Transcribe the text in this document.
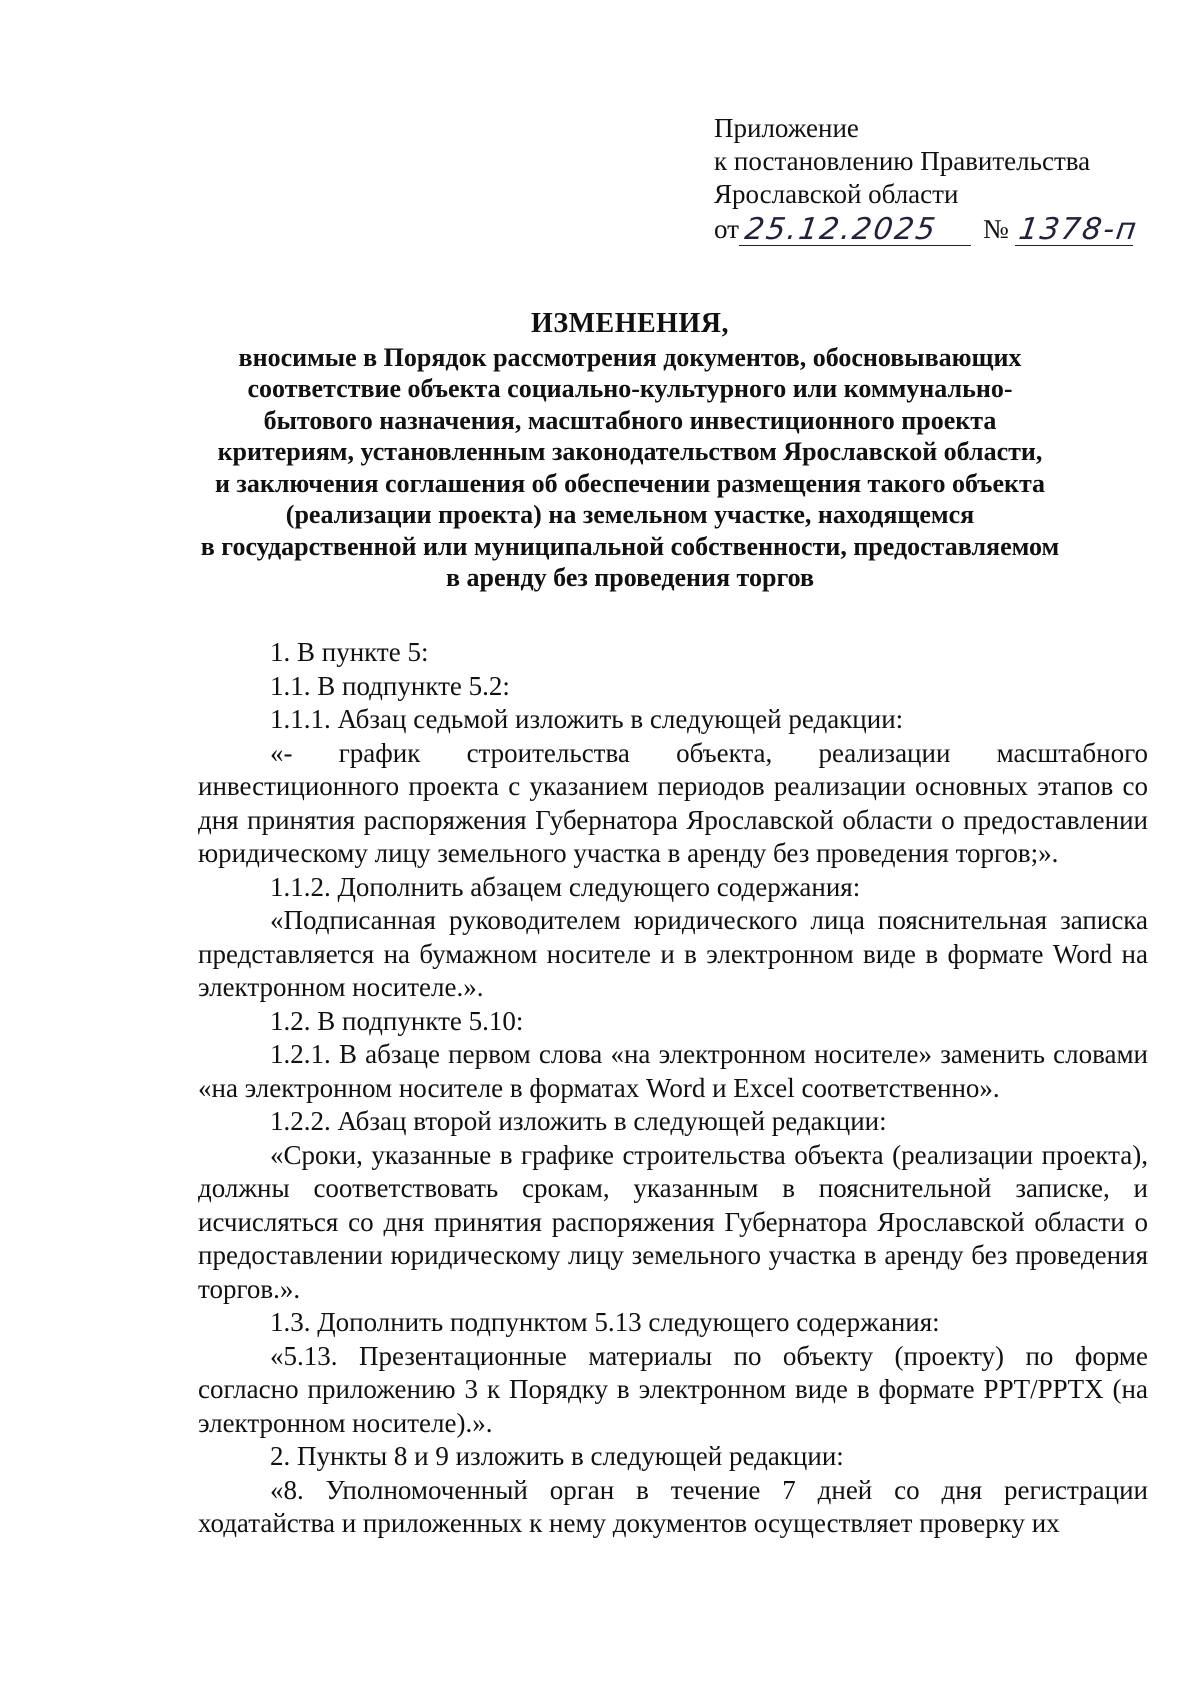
Приложение
к постановлению Правительства
Ярославской области
от 25.12.2025	№ 1378-п
ИЗМЕНЕНИЯ,
вносимые в Порядок рассмотрения документов, обосновывающих
соответствие объекта социально-культурного или коммунально-
бытового назначения, масштабного инвестиционного проекта
критериям, установленным законодательством Ярославской области,
и заключения соглашения об обеспечении размещения такого объекта
(реализации проекта) на земельном участке, находящемся
в государственной или муниципальной собственности, предоставляемом
в аренду без проведения торгов

1. В пункте 5:

1.1. В подпункте 5.2:

1.1.1. Абзац седьмой изложить в следующей редакции:

«- график строительства объекта, реализации масштабного инвестиционного проекта с указанием периодов реализации основных этапов со дня принятия распоряжения Губернатора Ярославской области о предоставлении юридическому лицу земельного участка в аренду без проведения торгов;».

1.1.2. Дополнить абзацем следующего содержания:

«Подписанная руководителем юридического лица пояснительная записка представляется на бумажном носителе и в электронном виде в формате Word на электронном носителе.».

1.2. В подпункте 5.10:

1.2.1. В абзаце первом слова «на электронном носителе» заменить словами «на электронном носителе в форматах Word и Excel соответственно».

1.2.2. Абзац второй изложить в следующей редакции:

«Сроки, указанные в графике строительства объекта (реализации проекта), должны соответствовать срокам, указанным в пояснительной записке, и исчисляться со дня принятия распоряжения Губернатора Ярославской области о предоставлении юридическому лицу земельного участка в аренду без проведения торгов.».

1.3. Дополнить подпунктом 5.13 следующего содержания:

«5.13. Презентационные материалы по объекту (проекту) по форме согласно приложению 3 к Порядку в электронном виде в формате PPT/PPTX (на электронном носителе).».

2. Пункты 8 и 9 изложить в следующей редакции:

«8. Уполномоченный орган в течение 7 дней со дня регистрации ходатайства и приложенных к нему документов осуществляет проверку их
